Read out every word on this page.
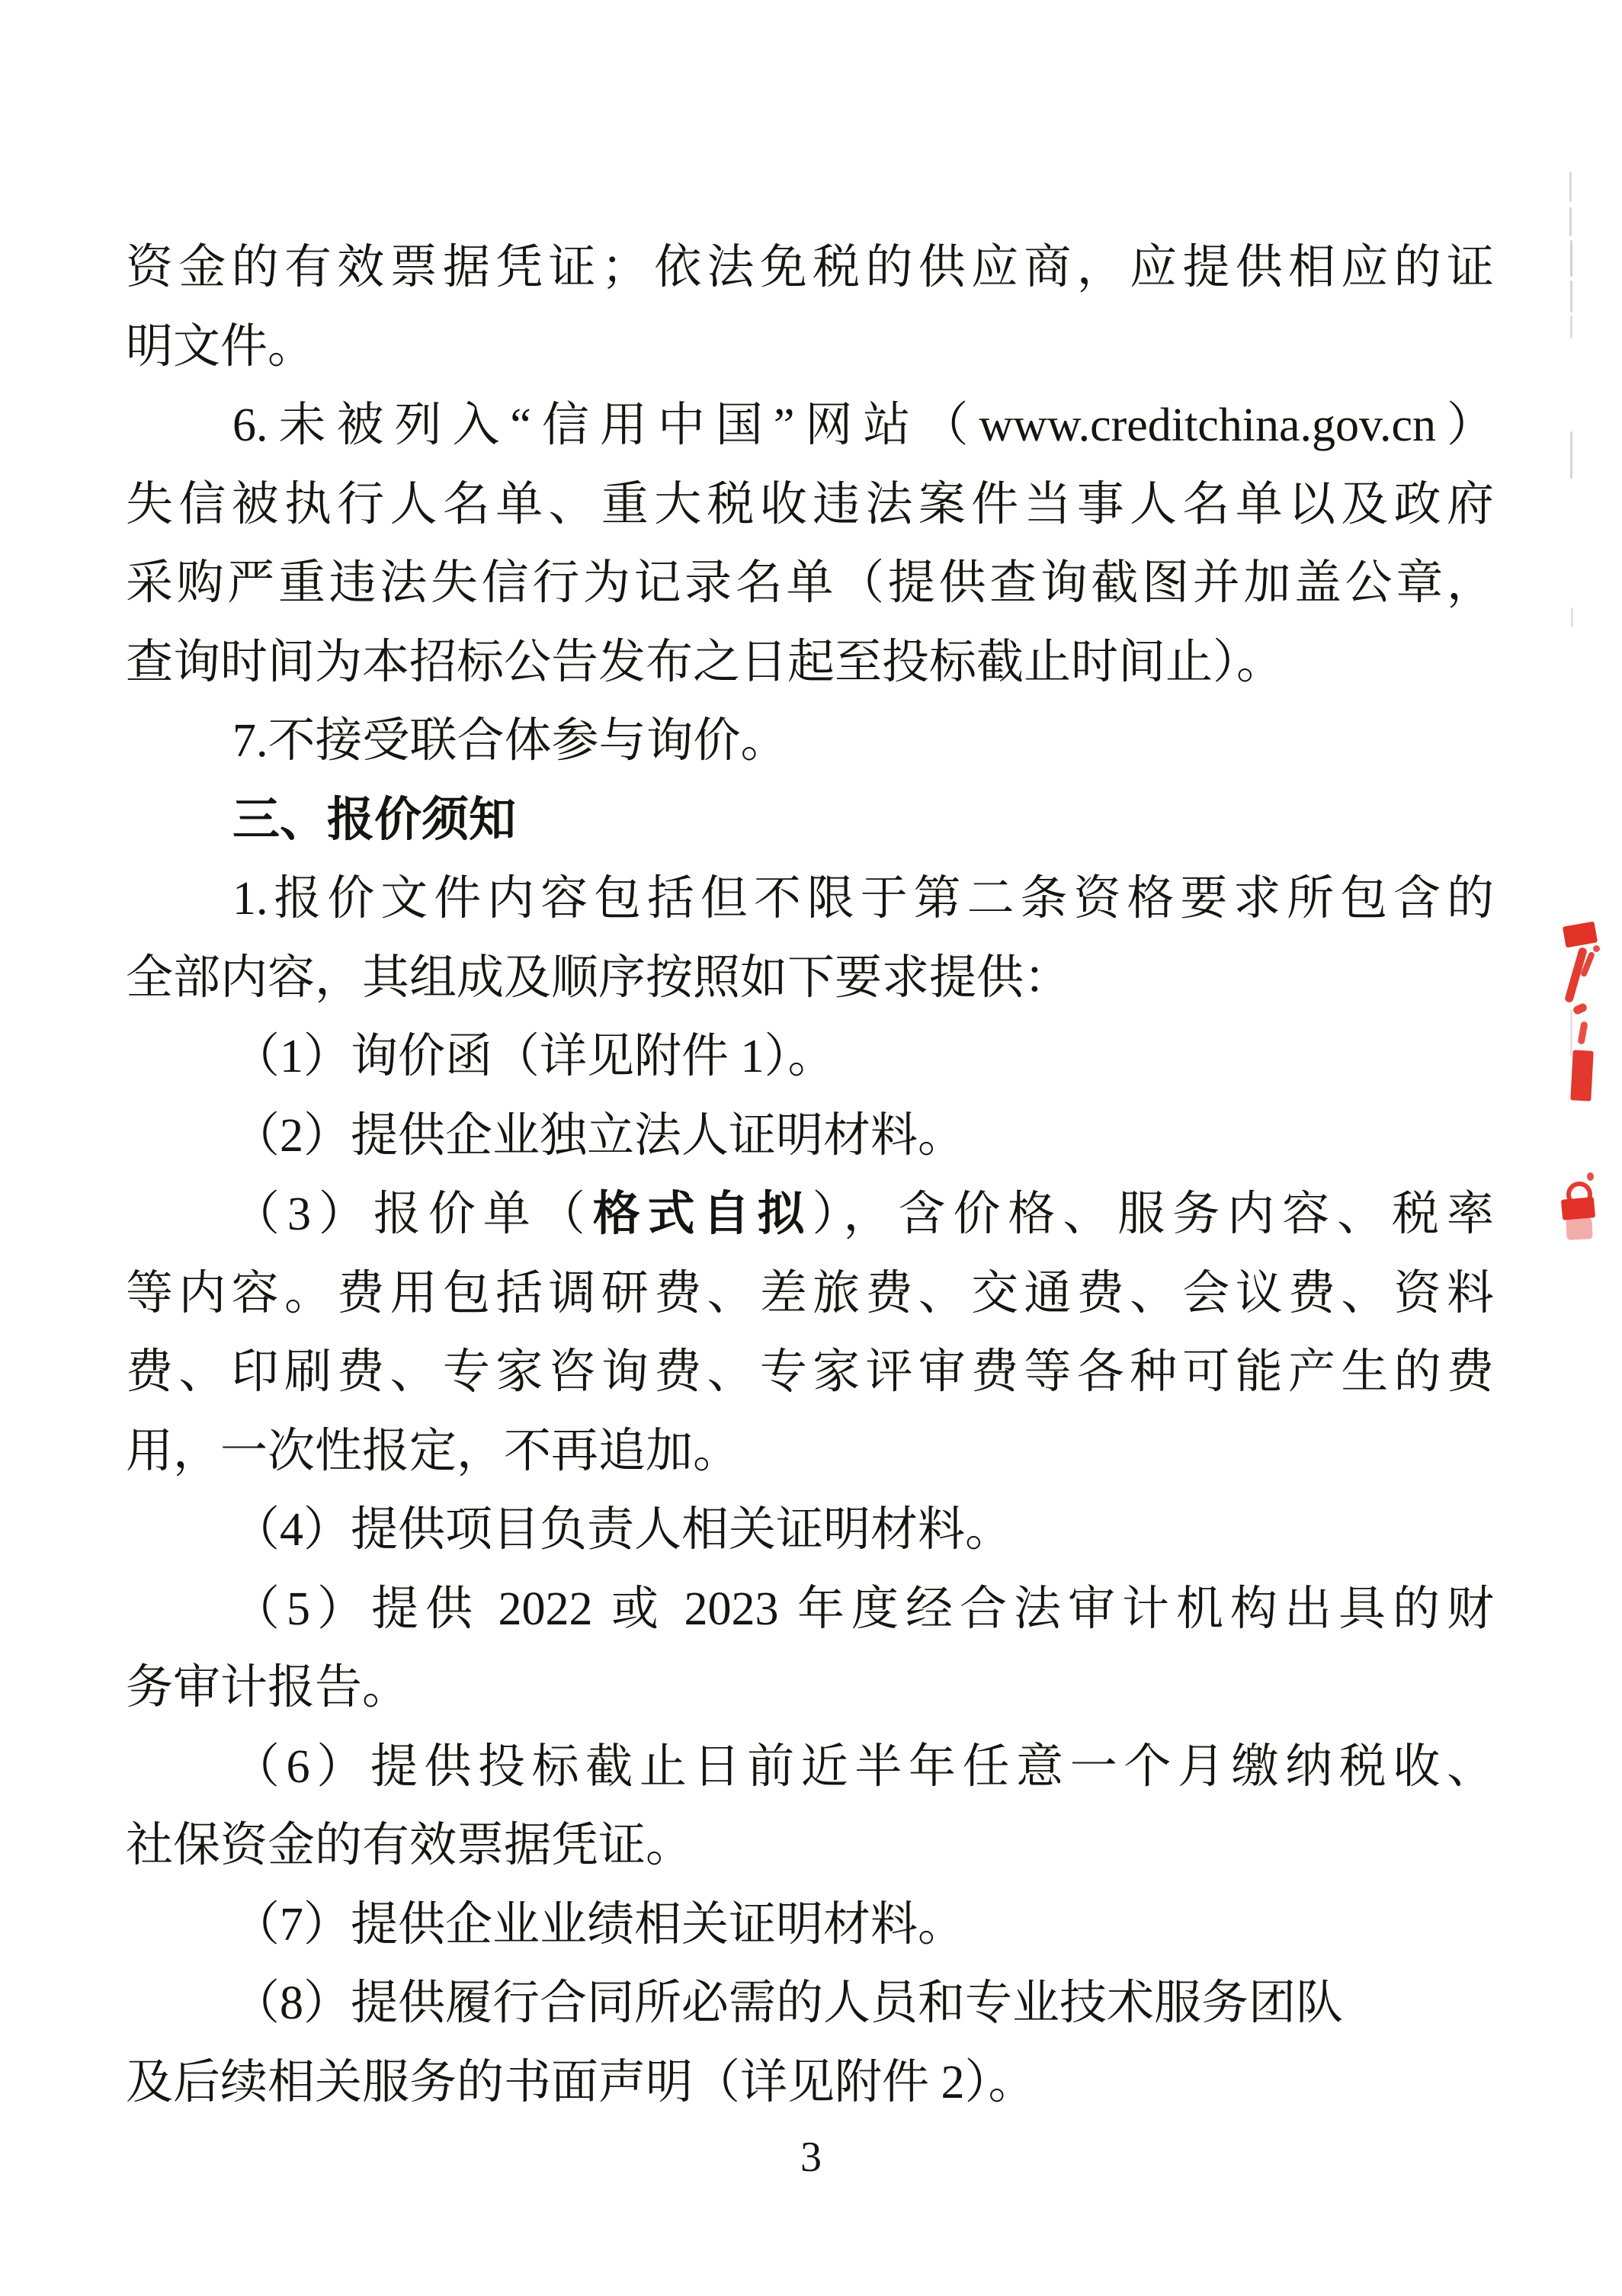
资金的有效票据凭证；依法免税的供应商，应提供相应的证
明文件。
6.未被列入“信用中国”网站（www.creditchina.gov.cn）
失信被执行人名单、重大税收违法案件当事人名单以及政府
采购严重违法失信行为记录名单（提供查询截图并加盖公章，
查询时间为本招标公告发布之日起至投标截止时间止）。
7.不接受联合体参与询价。
三、报价须知
1.报价文件内容包括但不限于第二条资格要求所包含的
全部内容，其组成及顺序按照如下要求提供：
（1）询价函（详见附件 1）。
（2）提供企业独立法人证明材料。
（3）报价单（格式自拟），含价格、服务内容、税率
等内容。费用包括调研费、差旅费、交通费、会议费、资料
费、印刷费、专家咨询费、专家评审费等各种可能产生的费
用，一次性报定，不再追加。
（4）提供项目负责人相关证明材料。
（5）提供 2022 或 2023 年度经合法审计机构出具的财
务审计报告。
（6）提供投标截止日前近半年任意一个月缴纳税收、
社保资金的有效票据凭证。
（7）提供企业业绩相关证明材料。
（8）提供履行合同所必需的人员和专业技术服务团队
及后续相关服务的书面声明（详见附件 2）。
3
